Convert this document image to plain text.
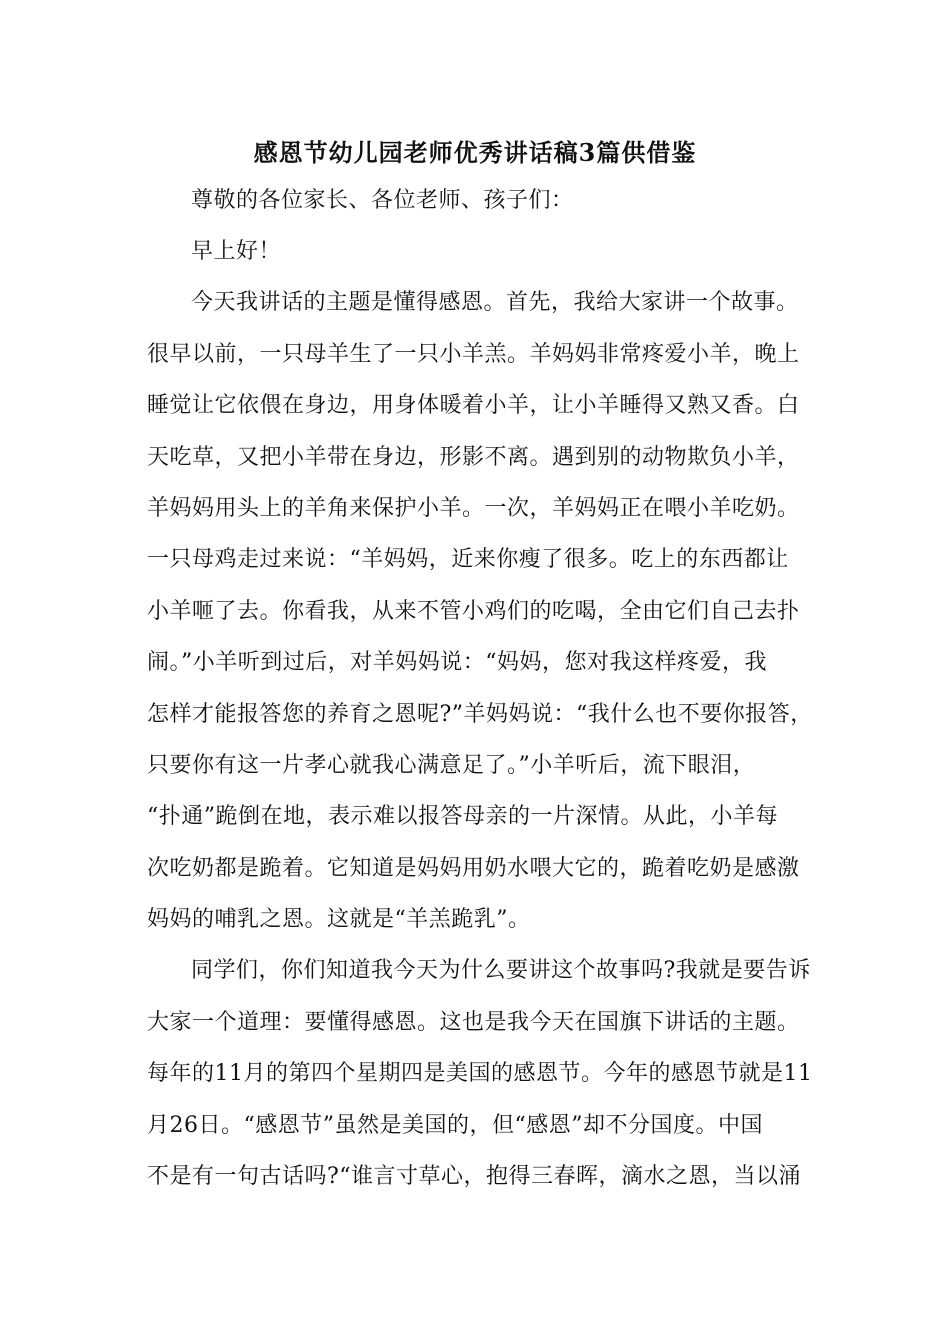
感恩节幼儿园老师优秀讲话稿3篇供借鉴
尊敬的各位家长、各位老师、孩子们：
早上好！
今天我讲话的主题是懂得感恩。首先，我给大家讲一个故事。
很早以前，一只母羊生了一只小羊羔。羊妈妈非常疼爱小羊，晚上
睡觉让它依偎在身边，用身体暖着小羊，让小羊睡得又熟又香。白
天吃草，又把小羊带在身边，形影不离。遇到别的动物欺负小羊，
羊妈妈用头上的羊角来保护小羊。一次，羊妈妈正在喂小羊吃奶。
一只母鸡走过来说：“羊妈妈，近来你瘦了很多。吃上的东西都让
小羊咂了去。你看我，从来不管小鸡们的吃喝，全由它们自己去扑
闹。”小羊听到过后，对羊妈妈说：“妈妈，您对我这样疼爱，我
怎样才能报答您的养育之恩呢?”羊妈妈说：“我什么也不要你报答，
只要你有这一片孝心就我心满意足了。”小羊听后，流下眼泪，
“扑通”跪倒在地，表示难以报答母亲的一片深情。从此，小羊每
次吃奶都是跪着。它知道是妈妈用奶水喂大它的，跪着吃奶是感激
妈妈的哺乳之恩。这就是“羊羔跪乳”。
同学们，你们知道我今天为什么要讲这个故事吗?我就是要告诉
大家一个道理：要懂得感恩。这也是我今天在国旗下讲话的主题。
每年的11月的第四个星期四是美国的感恩节。今年的感恩节就是11
月26日。“感恩节”虽然是美国的，但“感恩”却不分国度。中国
不是有一句古话吗?“谁言寸草心，抱得三春晖，滴水之恩，当以涌
